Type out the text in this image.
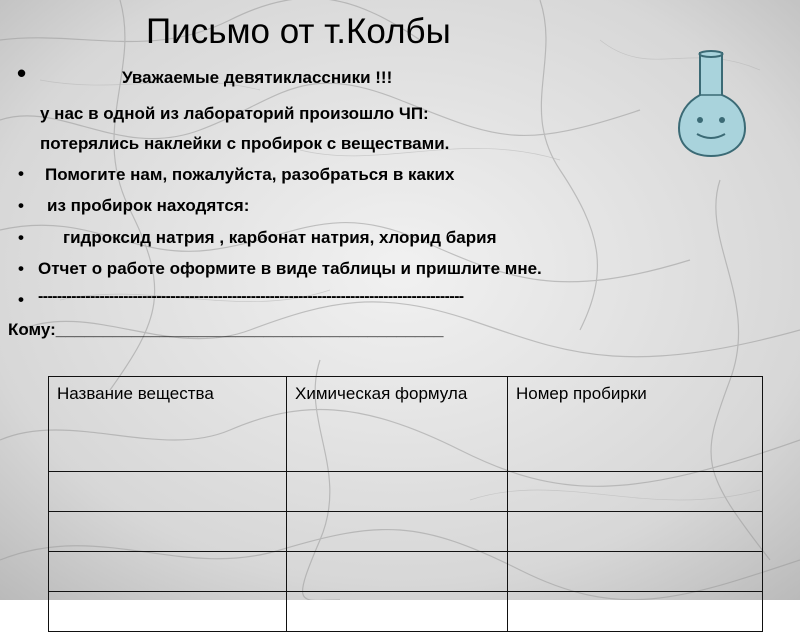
Письмо от т.Колбы
•	Уважаемые девятиклассники !!!
у нас в одной из лабораторий произошло ЧП:
потерялись наклейки с пробирок с веществами.
• Помогите нам, пожалуйста, разобраться в каких
• из пробирок находятся:
• гидроксид натрия , карбонат натрия, хлорид бария
• Отчет о работе оформите в виде таблицы и пришлите мне.
• ------------------------------------------------------------------------------------------
Кому:_________________________________________
Название вещества	Химическая формула	Номер пробирки
